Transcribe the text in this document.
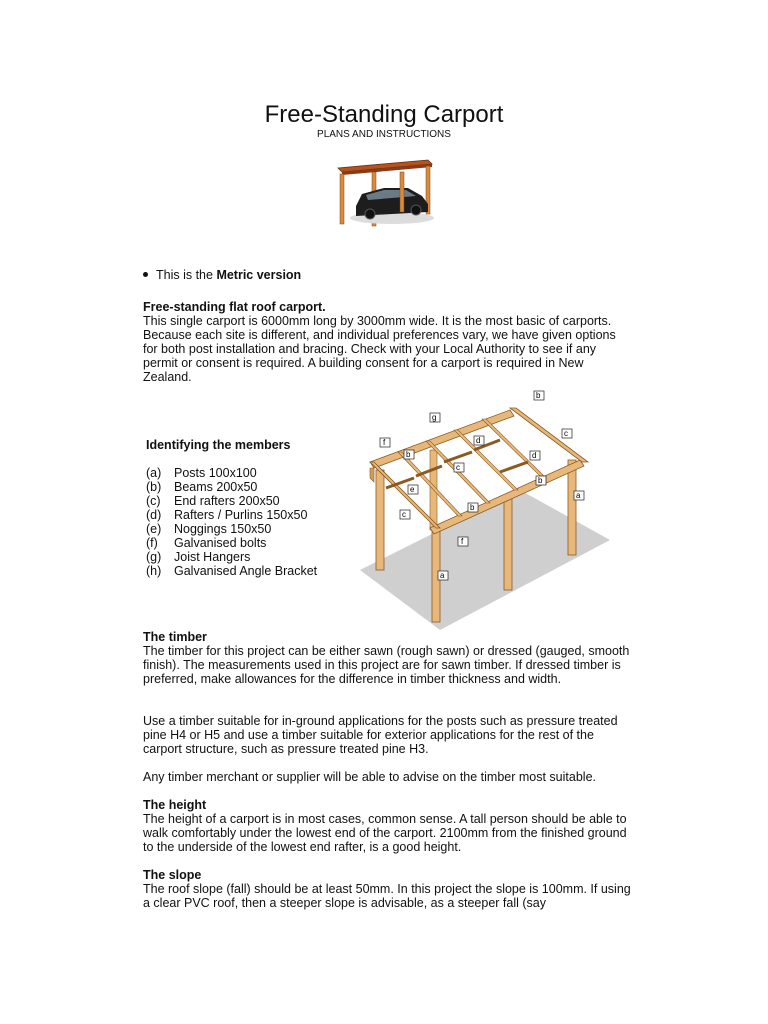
Free-Standing Carport

PLANS AND INSTRUCTIONS

This is the Metric version

Free-standing flat roof carport.
This single carport is 6000mm long by 3000mm wide. It is the most basic of carports. Because each site is different, and individual preferences vary, we have given options for both post installation and bracing. Check with your Local Authority to see if any permit or consent is required. A building consent for a carport is required in New Zealand.

Identifying the members

(a) Posts 100x100
(b) Beams 200x50
(c) End rafters 200x50
(d) Rafters / Purlins 150x50
(e) Noggings 150x50
(f) Galvanised bolts
(g) Joist Hangers
(h) Galvanised Angle Bracket
b
g
c
d
f
b	d
c
b
e
a
b
c
f
a

The timber
The timber for this project can be either sawn (rough sawn) or dressed (gauged, smooth finish). The measurements used in this project are for sawn timber. If dressed timber is preferred, make allowances for the difference in timber thickness and width.

Use a timber suitable for in-ground applications for the posts such as pressure treated pine H4 or H5 and use a timber suitable for exterior applications for the rest of the carport structure, such as pressure treated pine H3.

Any timber merchant or supplier will be able to advise on the timber most suitable.

The height
The height of a carport is in most cases, common sense. A tall person should be able to walk comfortably under the lowest end of the carport. 2100mm from the finished ground to the underside of the lowest end rafter, is a good height.

The slope
The roof slope (fall) should be at least 50mm. In this project the slope is 100mm. If using a clear PVC roof, then a steeper slope is advisable, as a steeper fall (say
